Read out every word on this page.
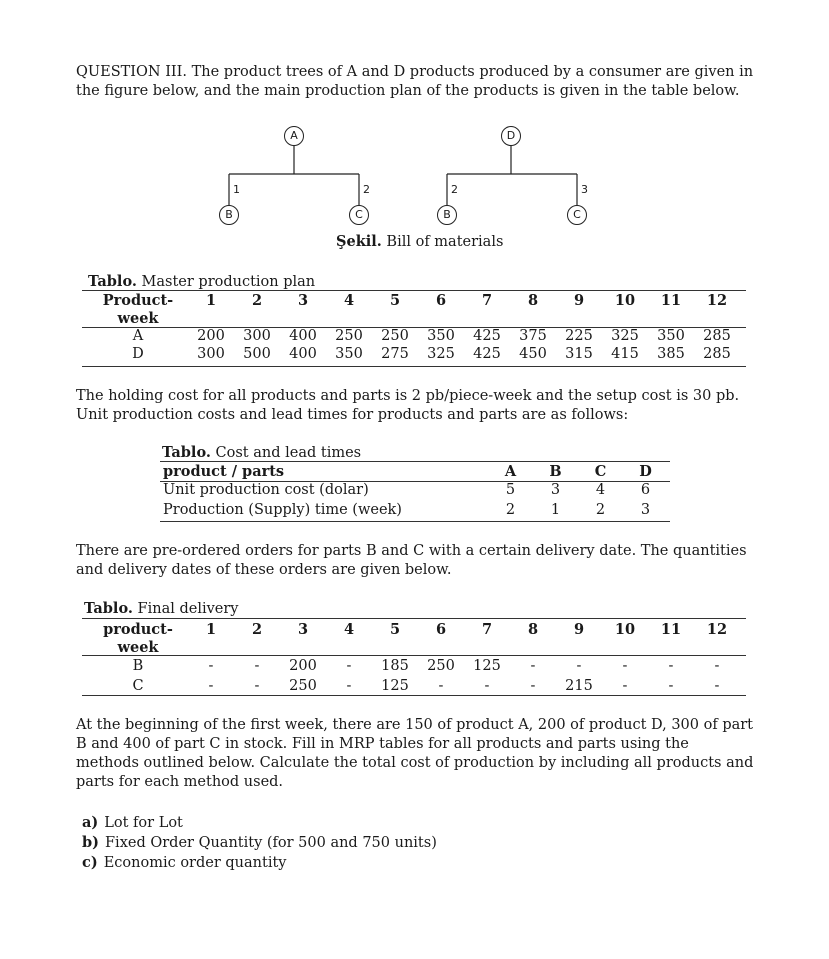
QUESTION III. The product trees of A and D products produced by a consumer are given in the figure below, and the main production plan of the products is given in the table below.
A	D
1
B
2
C
2
B
3
C
Şekil. Bill of materials
Tablo. Master production plan
Product-	1	2	3	4	5	6	7	8	9	10	11	12
week												
A	200	300	400	250	250	350	425	375	225	325	350	285
D	300	500	400	350	275	325	425	450	315	415	385	285
The holding cost for all products and parts is 2 pb/piece-week and the setup cost is 30 pb. Unit production costs and lead times for products and parts are as follows:
Tablo. Cost and lead times
product / parts	A	B	C	D
Unit production cost (dolar)	5	3	4	6
Production (Supply) time (week)	2	1	2	3
There are pre-ordered orders for parts B and C with a certain delivery date. The quantities and delivery dates of these orders are given below.
Tablo. Final delivery
product-	1	2	3	4	5	6	7	8	9	10	11	12
week												
B	-	-	200	-	185	250	125	-	-	-	-	-
C	-	-	250	-	125	-	-	-	215	-	-	-
At the beginning of the first week, there are 150 of product A, 200 of product D, 300 of part B and 400 of part C in stock. Fill in MRP tables for all products and parts using the methods outlined below. Calculate the total cost of production by including all products and parts for each method used.
a) Lot for Lot
b) Fixed Order Quantity (for 500 and 750 units)
c) Economic order quantity
